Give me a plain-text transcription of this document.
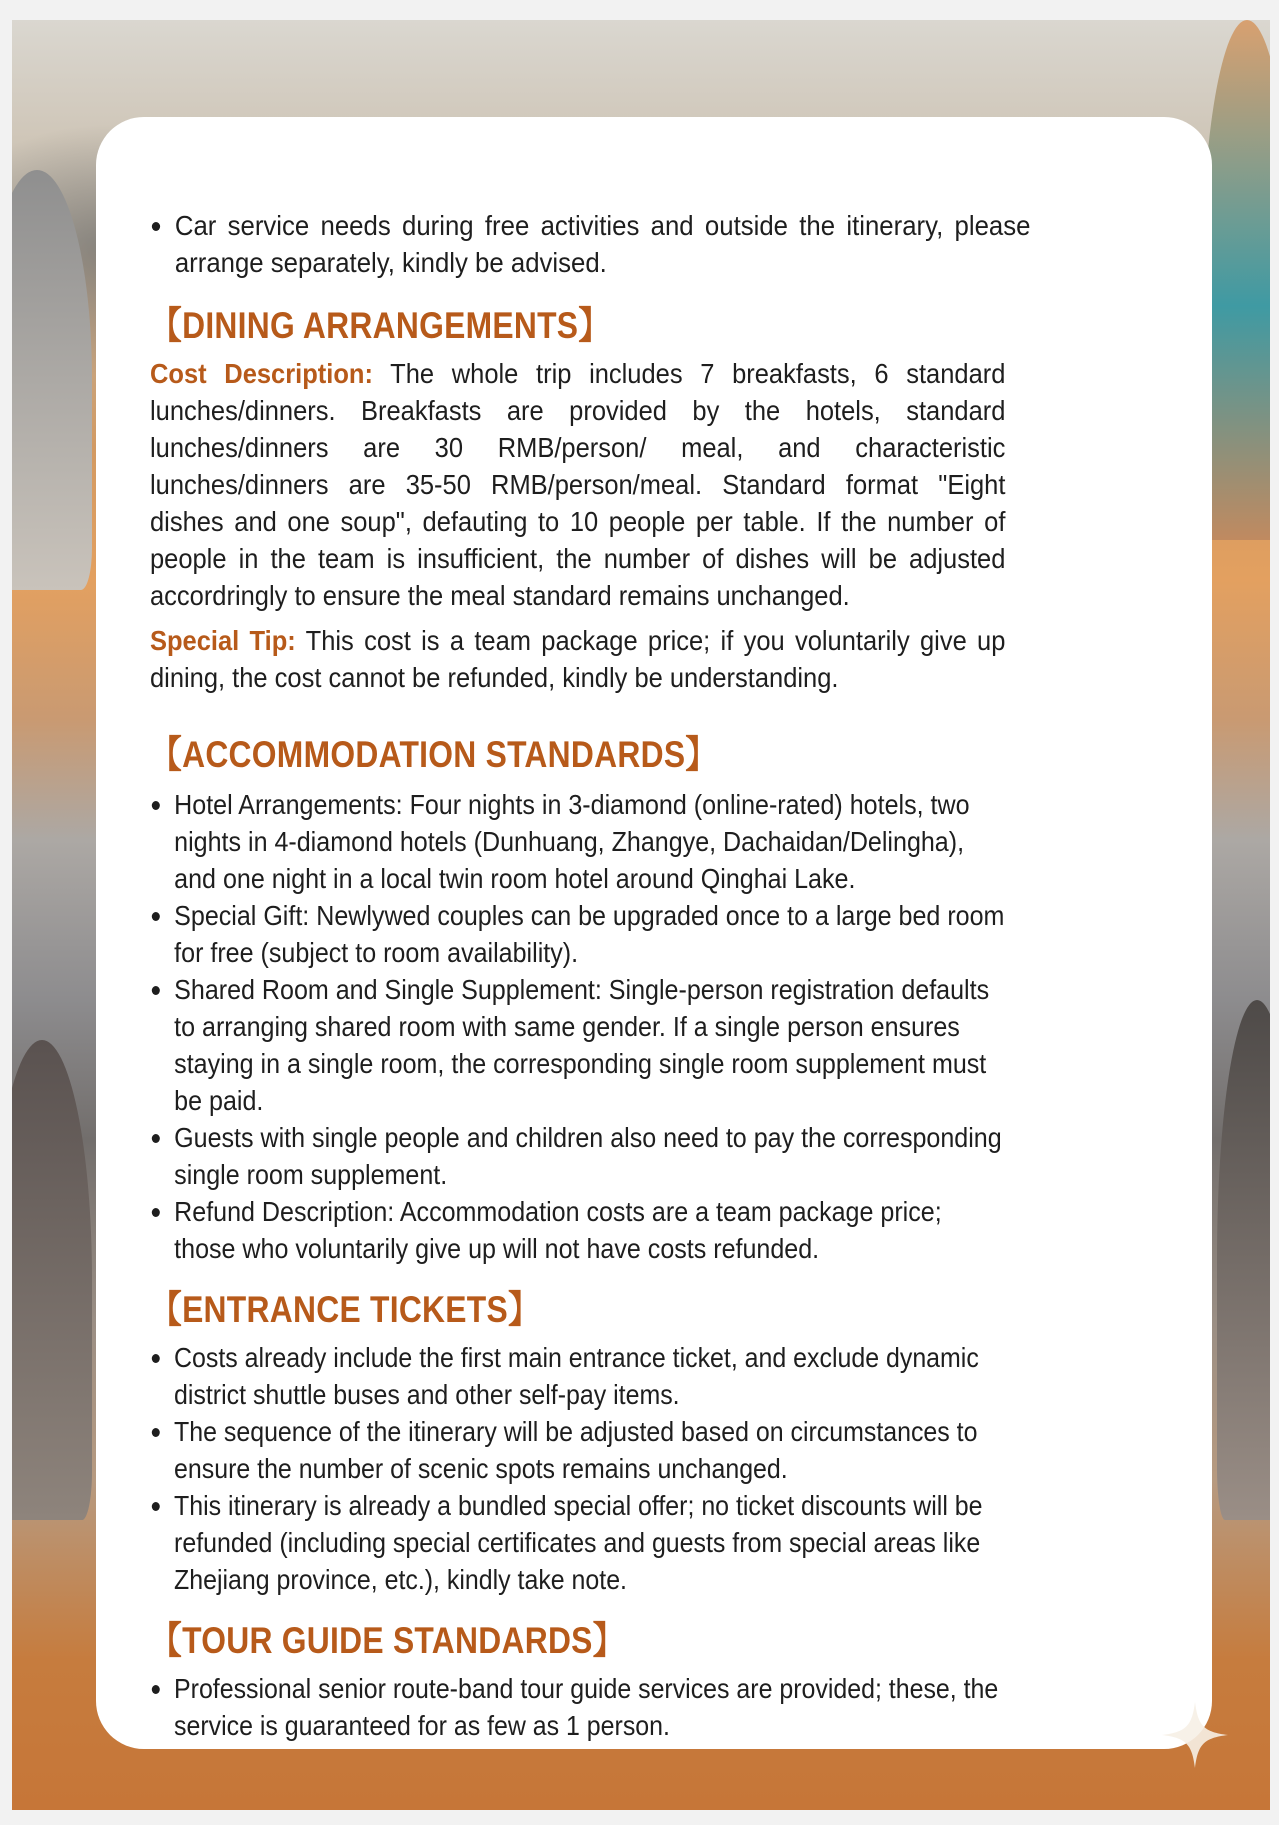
Car service needs during free activities and outside the itinerary, please arrange separately, kindly be advised.
【DINING ARRANGEMENTS】

Cost Description: The whole trip includes 7 breakfasts, 6 standard lunches/dinners. Breakfasts are provided by the hotels, standard lunches/dinners are 30 RMB/person/ meal, and characteristic lunches/dinners are 35-50 RMB/person/meal. Standard format "Eight dishes and one soup", defauting to 10 people per table. If the number of people in the team is insufficient, the number of dishes will be adjusted accordringly to ensure the meal standard remains unchanged.

Special Tip: This cost is a team package price; if you voluntarily give up dining, the cost cannot be refunded, kindly be understanding.

【ACCOMMODATION STANDARDS】
Hotel Arrangements: Four nights in 3-diamond (online-rated) hotels, two nights in 4-diamond hotels (Dunhuang, Zhangye, Dachaidan/Delingha), and one night in a local twin room hotel around Qinghai Lake.
Special Gift: Newlywed couples can be upgraded once to a large bed room for free (subject to room availability).
Shared Room and Single Supplement: Single-person registration defaults to arranging shared room with same gender. If a single person ensures staying in a single room, the corresponding single room supplement must be paid.
Guests with single people and children also need to pay the corresponding single room supplement.
Refund Description: Accommodation costs are a team package price; those who voluntarily give up will not have costs refunded.
【ENTRANCE TICKETS】
Costs already include the first main entrance ticket, and exclude dynamic district shuttle buses and other self-pay items.
The sequence of the itinerary will be adjusted based on circumstances to ensure the number of scenic spots remains unchanged.
This itinerary is already a bundled special offer; no ticket discounts will be refunded (including special certificates and guests from special areas like Zhejiang province, etc.), kindly take note.
【TOUR GUIDE STANDARDS】
Professional senior route-band tour guide services are provided; these, the service is guaranteed for as few as 1 person.
